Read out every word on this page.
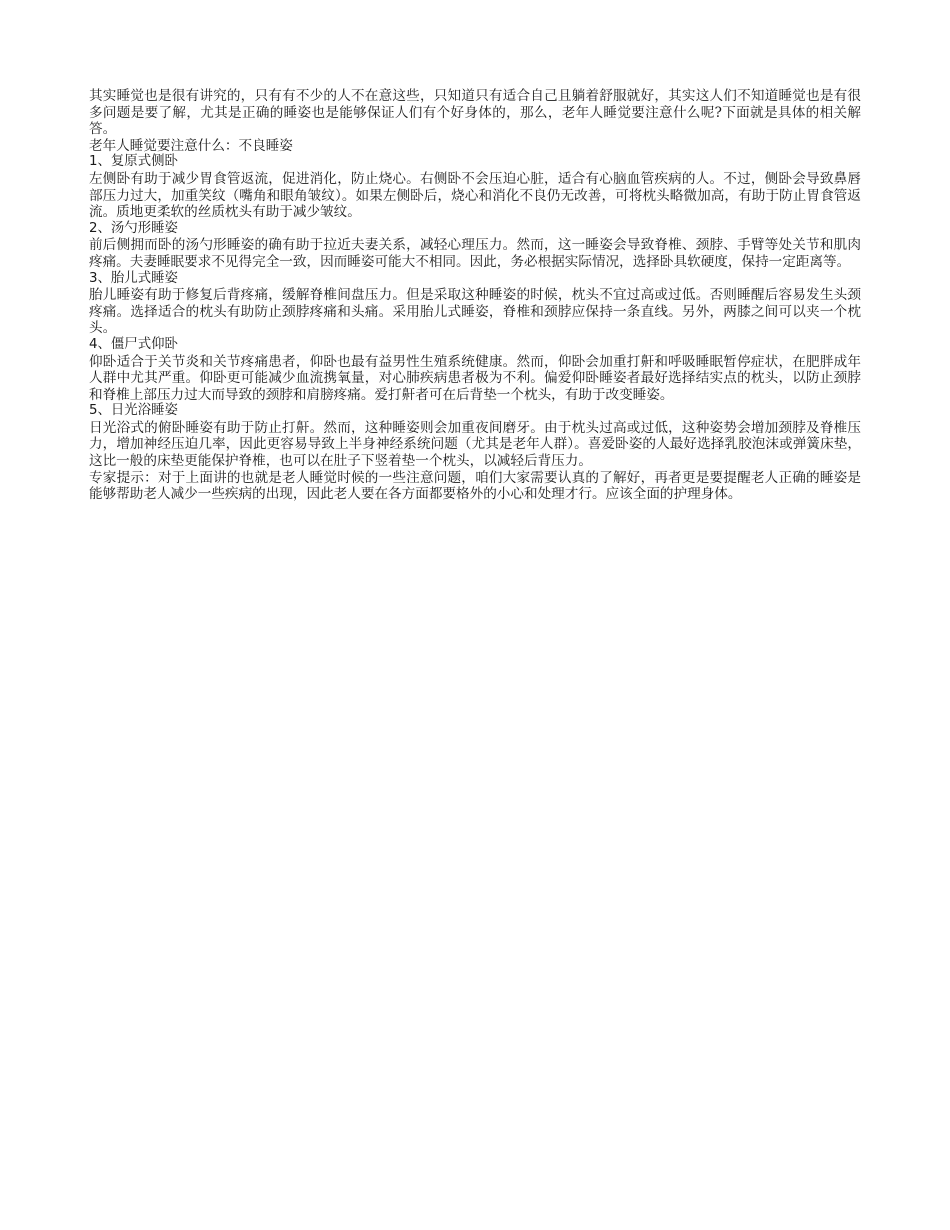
其实睡觉也是很有讲究的，只有有不少的人不在意这些，只知道只有适合自己且躺着舒服就好，其实这人们不知道睡觉也是有很多问题是要了解，尤其是正确的睡姿也是能够保证人们有个好身体的，那么，老年人睡觉要注意什么呢?下面就是具体的相关解答。

老年人睡觉要注意什么：不良睡姿

1、复原式侧卧

左侧卧有助于减少胃食管返流，促进消化，防止烧心。右侧卧不会压迫心脏，适合有心脑血管疾病的人。不过，侧卧会导致鼻唇部压力过大，加重笑纹（嘴角和眼角皱纹）。如果左侧卧后，烧心和消化不良仍无改善，可将枕头略微加高，有助于防止胃食管返流。质地更柔软的丝质枕头有助于减少皱纹。

2、汤勺形睡姿

前后侧拥而卧的汤勺形睡姿的确有助于拉近夫妻关系，减轻心理压力。然而，这一睡姿会导致脊椎、颈脖、手臂等处关节和肌肉疼痛。夫妻睡眠要求不见得完全一致，因而睡姿可能大不相同。因此，务必根据实际情况，选择卧具软硬度，保持一定距离等。

3、胎儿式睡姿

胎儿睡姿有助于修复后背疼痛，缓解脊椎间盘压力。但是采取这种睡姿的时候，枕头不宜过高或过低。否则睡醒后容易发生头颈疼痛。选择适合的枕头有助防止颈脖疼痛和头痛。采用胎儿式睡姿，脊椎和颈脖应保持一条直线。另外，两膝之间可以夹一个枕头。

4、僵尸式仰卧

仰卧适合于关节炎和关节疼痛患者，仰卧也最有益男性生殖系统健康。然而，仰卧会加重打鼾和呼吸睡眠暂停症状，在肥胖成年人群中尤其严重。仰卧更可能减少血流携氧量，对心肺疾病患者极为不利。偏爱仰卧睡姿者最好选择结实点的枕头，以防止颈脖和脊椎上部压力过大而导致的颈脖和肩膀疼痛。爱打鼾者可在后背垫一个枕头，有助于改变睡姿。

5、日光浴睡姿

日光浴式的俯卧睡姿有助于防止打鼾。然而，这种睡姿则会加重夜间磨牙。由于枕头过高或过低，这种姿势会增加颈脖及脊椎压力，增加神经压迫几率，因此更容易导致上半身神经系统问题（尤其是老年人群）。喜爱卧姿的人最好选择乳胶泡沫或弹簧床垫，这比一般的床垫更能保护脊椎，也可以在肚子下竖着垫一个枕头，以减轻后背压力。

专家提示：对于上面讲的也就是老人睡觉时候的一些注意问题，咱们大家需要认真的了解好，再者更是要提醒老人正确的睡姿是能够帮助老人减少一些疾病的出现，因此老人要在各方面都要格外的小心和处理才行。应该全面的护理身体。
